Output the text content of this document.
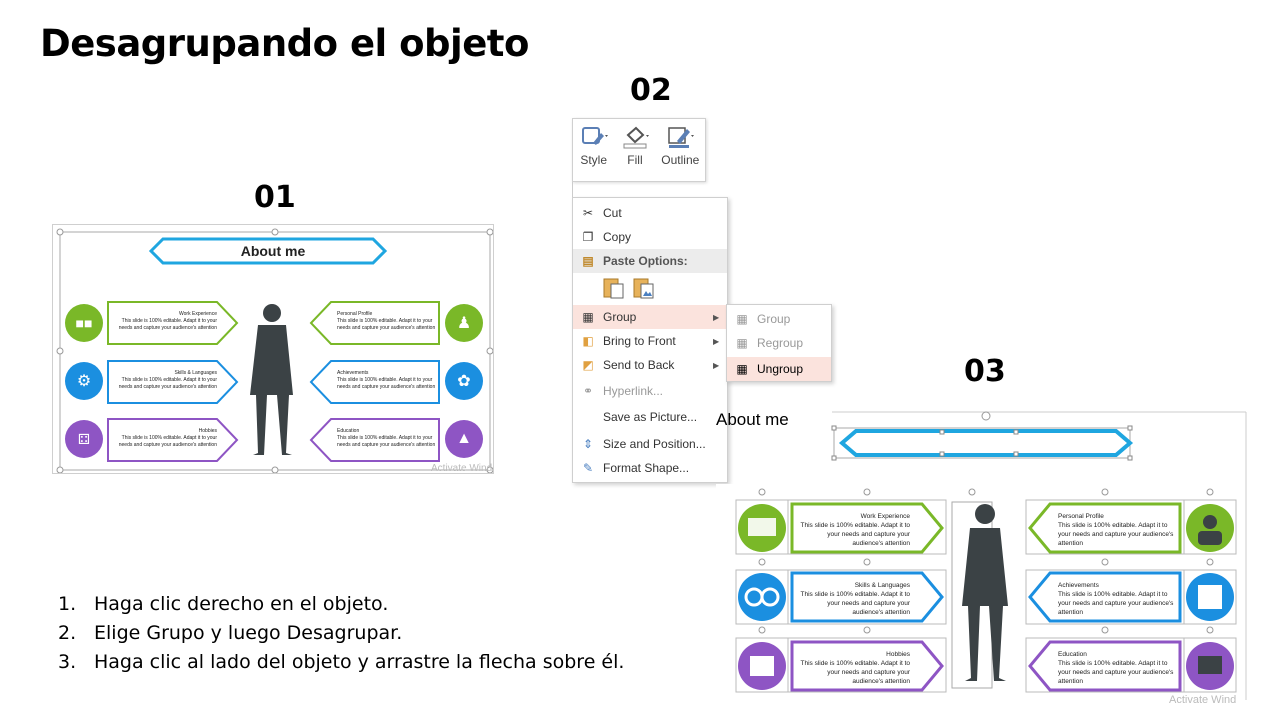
Desagrupando el objeto
01
02
03
About me
■■
⚙
⚃
♟
✿
▲
Work Experience
This slide is 100% editable. Adapt it to your needs and capture your audience's attention
Skills & Languages
This slide is 100% editable. Adapt it to your needs and capture your audience's attention
Hobbies
This slide is 100% editable. Adapt it to your needs and capture your audience's attention
Personal Profile
This slide is 100% editable. Adapt it to your needs and capture your audience's attention
Achievements
This slide is 100% editable. Adapt it to your needs and capture your audience's attention
Education
This slide is 100% editable. Adapt it to your needs and capture your audience's attention
Activate Wind
Style Fill Outline
✂ Cut
❐ Copy
▤ Paste Options:
▦ Group	▶
◧ Bring to Front	▶
◩ Send to Back	▶
⚭ Hyperlink...
Save as Picture...
⇕ Size and Position...
✎ Format Shape...
▦ Group
▦ Regroup
▦ Ungroup
About me
Work Experience
This slide is 100% editable. Adapt it to your needs and capture your audience's attention
Skills & Languages
This slide is 100% editable. Adapt it to your needs and capture your audience's attention
Hobbies
This slide is 100% editable. Adapt it to your needs and capture your audience's attention
Personal Profile
This slide is 100% editable. Adapt it to your needs and capture your audience's attention
Achievements
This slide is 100% editable. Adapt it to your needs and capture your audience's attention
Education
This slide is 100% editable. Adapt it to your needs and capture your audience's attention
Activate Wind
1. Haga clic derecho en el objeto.
2. Elige Grupo y luego Desagrupar.
3. Haga clic al lado del objeto y arrastre la flecha sobre él.
